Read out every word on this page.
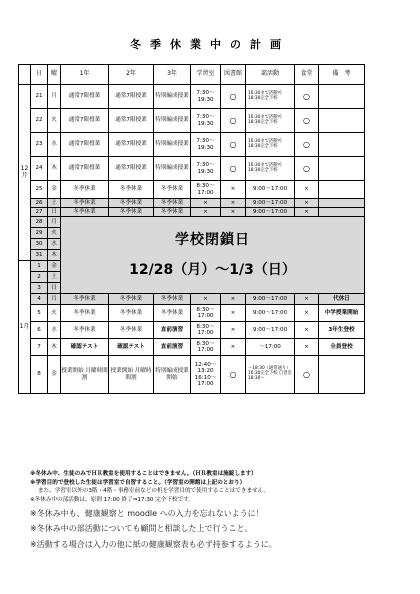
冬季休業中の計画
	日	曜	1年	2年	3年	学習室	図書館	部活動	食堂	備　考
12月	21	月	通常7限授業	通常7限授業	特別編成授業	7:30～19:30	○	16:30まで活動可 18:30完全下校	○	
	22	火	通常7限授業	通常7限授業	特別編成授業	7:30～19:30	○	16:30まで活動可 18:30完全下校	○	
	23	水	通常7限授業	通常7限授業	特別編成授業	7:30～19:30	○	16:30まで活動可 18:30完全下校	○	
	24	木	通常7限授業	通常7限授業	特別編成授業	7:30～19:30	○	16:30まで活動可 18:30完全下校	○	
	25	金	冬季休業	冬季休業	冬季休業	8:30～17:00	×	9:00～17:00	×	
	26	土	冬季休業	冬季休業	冬季休業	×	×	9:00～17:00	×	
	27	日	冬季休業	冬季休業	冬季休業	×	×	9:00～17:00	×	
	28	月	学校閉鎖日
12/28（月）～1/3（日）							

	29	火								
	30	水								
	31	木								
1月	1	金								
	2	土								
	3	日								
	4	月	冬季休業	冬季休業	冬季休業	×	×	9:00～17:00	×	代休日
	5	火	冬季休業	冬季休業	冬季休業	8:30～17:00	×	9:00～17:00	×	中学授業開始
	6	水	冬季休業	冬季休業	直前演習	8:30～17:00	×	9:00～17:00	×	3年生登校
	7	木	確認テスト	確認テスト	直前演習	8:30～17:00	×	～17:00	×	全員登校
	8	金	授業開始 月曜時間割	授業開始 月曜時間割	特別編成授業開始	12:40～13:20 16:10～17:00	○	～18:30（通常通り）16:30完全下校 自習室18:30～	○	
※冬休み中、生徒のみでＨＲ教室を使用することはできません。（ＨＲ教室は施錠します）
※学習目的で登校した生徒は学習室で自習すること。（学習室の開館は上記のとおり）
また、学習室以外の3階・4階・事務室前などの机を学習目的で使用することはできません。
※冬休み中の部活動は、原則 17:00 終了⇒17:30 完全下校です。
※冬休み中も、健康観察と moodle への入力を忘れないように！
※冬休み中の部活動についても顧問と相談した上で行うこと。
※活動する場合は入力の他に紙の健康観察表も必ず持参するように。
